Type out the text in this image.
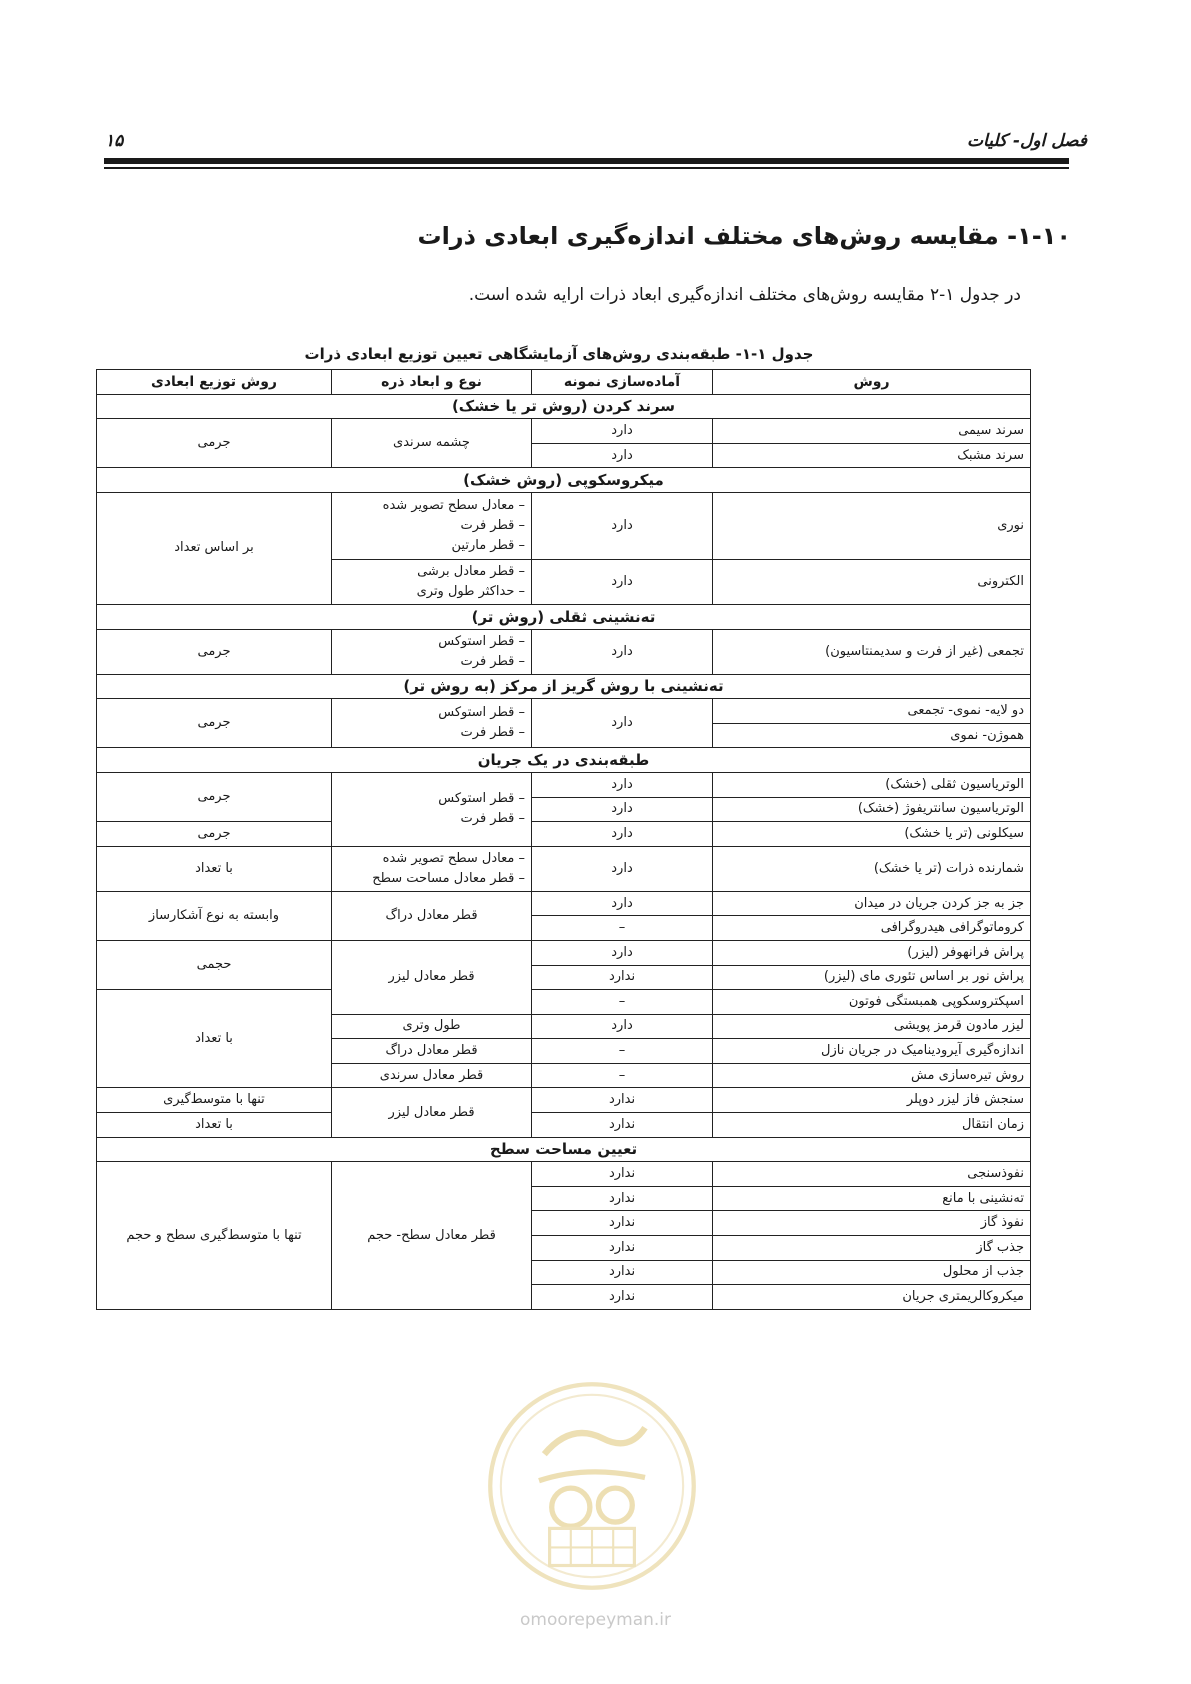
فصل اول- کلیات
۱۵
۱-۱۰- مقایسه روش‌های مختلف اندازه‌گیری ابعادی ذرات
در جدول ۱-۲ مقایسه روش‌های مختلف اندازه‌گیری ابعاد ذرات ارایه شده است.
جدول ۱-۱- طبقه‌بندی روش‌های آزمایشگاهی تعیین توزیع ابعادی ذرات
روش	آماده‌سازی نمونه	نوع و ابعاد ذره	روش توزیع ابعادی
سرند کردن (روش تر یا خشک)			
سرند سیمی	دارد	چشمه سرندی	جرمی
سرند مشبک	دارد		
میکروسکوپی (روش خشک)			
نوری	دارد	– معادل سطح تصویر شده
– قطر فرت
– قطر مارتین	بر اساس تعداد
الکترونی	دارد	– قطر معادل برشی
– حداکثر طول وتری	

ته‌نشینی ثقلی (روش تر)			
تجمعی (غیر از فرت و سدیمنتاسیون)	دارد	– قطر استوکس
– قطر فرت	جرمی
ته‌نشینی با روش گریز از مرکز (به روش تر)			
دو لایه- نموی- تجمعی	دارد	– قطر استوکس
– قطر فرت	جرمی
هموژن- نموی			
طبقه‌بندی در یک جریان			
الوتریاسیون ثقلی (خشک)	دارد	– قطر استوکس
– قطر فرت	جرمی
الوتریاسیون سانتریفوژ (خشک)	دارد		
سیکلونی (تر یا خشک)	دارد		جرمی
شمارنده ذرات (تر یا خشک)	دارد	– معادل سطح تصویر شده
– قطر معادل مساحت سطح	با تعداد
جز به جز کردن جریان در میدان	دارد	قطر معادل دراگ	وابسته به نوع آشکارساز
کروماتوگرافی هیدروگرافی	–		
پراش فرانهوفر (لیزر)	دارد	قطر معادل لیزر	حجمی
پراش نور بر اساس تئوری مای (لیزر)	ندارد		
اسپکتروسکوپی همبستگی فوتون	–		با تعداد
لیزر مادون قرمز پویشی	دارد	طول وتری	
اندازه‌گیری آیرودینامیک در جریان نازل	–	قطر معادل دراگ	
روش تیره‌سازی مش	–	قطر معادل سرندی	
سنجش فاز لیزر دوپلر	ندارد	قطر معادل لیزر	تنها با متوسط‌گیری
زمان انتقال	ندارد		با تعداد
تعیین مساحت سطح			
نفوذسنجی	ندارد	قطر معادل سطح- حجم	تنها با متوسط‌گیری سطح و حجم
ته‌نشینی با مانع	ندارد		
نفوذ گاز	ندارد		
جذب گاز	ندارد		
جذب از محلول	ندارد		
میکروکالریمتری جریان	ندارد		
omoorepeyman.ir
